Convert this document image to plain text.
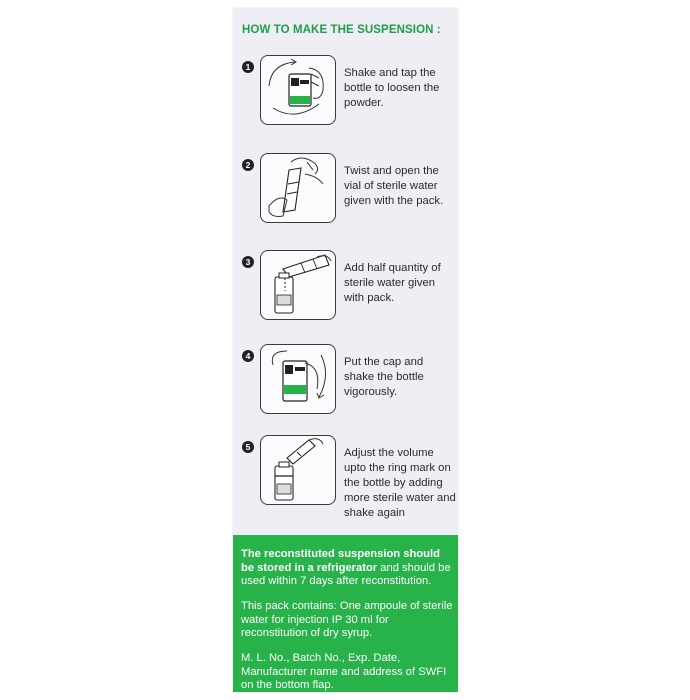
HOW TO MAKE THE SUSPENSION :
1	Shake and tap the bottle to loosen the powder.
2	Twist and open the vial of sterile water given with the pack.
3	Add half quantity of sterile water given with pack.
4	Put the cap and shake the bottle vigorously.
5	Adjust the volume upto the ring mark on the bottle by adding more sterile water and shake again

The reconstituted suspension should be stored in a refrigerator and should be used within 7 days after reconstitution.

This pack contains: One ampoule of sterile water for injection IP 30 ml for reconstitution of dry syrup.

M. L. No., Batch No., Exp. Date, Manufacturer name and address of SWFI on the bottom flap.
